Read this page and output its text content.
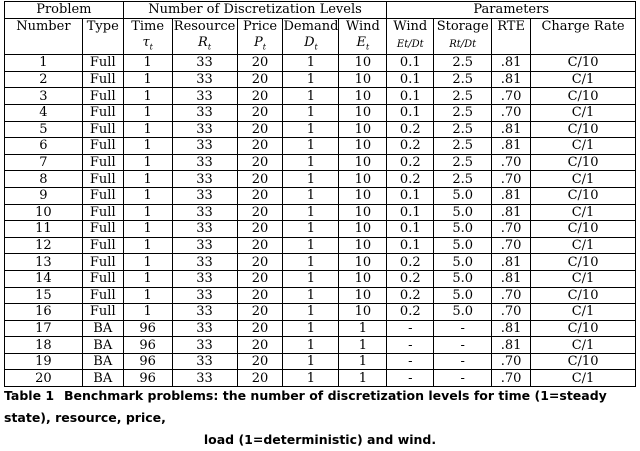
Problem		Number of Discretization Levels					Parameters			
Number	Type	Time	Resource	Price	Demand	Wind	Wind	Storage	RTE	Charge Rate
		$\tau_t$	$R_t$	$P_t$	$D_t$	$E_t$	Et/Dt	Rt/Dt		
1	Full	1	33	20	1	10	0.1	2.5	.81	C/10
2	Full	1	33	20	1	10	0.1	2.5	.81	C/1
3	Full	1	33	20	1	10	0.1	2.5	.70	C/10
4	Full	1	33	20	1	10	0.1	2.5	.70	C/1
5	Full	1	33	20	1	10	0.2	2.5	.81	C/10
6	Full	1	33	20	1	10	0.2	2.5	.81	C/1
7	Full	1	33	20	1	10	0.2	2.5	.70	C/10
8	Full	1	33	20	1	10	0.2	2.5	.70	C/1
9	Full	1	33	20	1	10	0.1	5.0	.81	C/10
10	Full	1	33	20	1	10	0.1	5.0	.81	C/1
11	Full	1	33	20	1	10	0.1	5.0	.70	C/10
12	Full	1	33	20	1	10	0.1	5.0	.70	C/1
13	Full	1	33	20	1	10	0.2	5.0	.81	C/10
14	Full	1	33	20	1	10	0.2	5.0	.81	C/1
15	Full	1	33	20	1	10	0.2	5.0	.70	C/10
16	Full	1	33	20	1	10	0.2	5.0	.70	C/1
17	BA	96	33	20	1	1	-	-	.81	C/10
18	BA	96	33	20	1	1	-	-	.81	C/1
19	BA	96	33	20	1	1	-	-	.70	C/10
20	BA	96	33	20	1	1	-	-	.70	C/1
Table 1 Benchmark problems: the number of discretization levels for time (1=steady state), resource, price,
load (1=deterministic) and wind.
